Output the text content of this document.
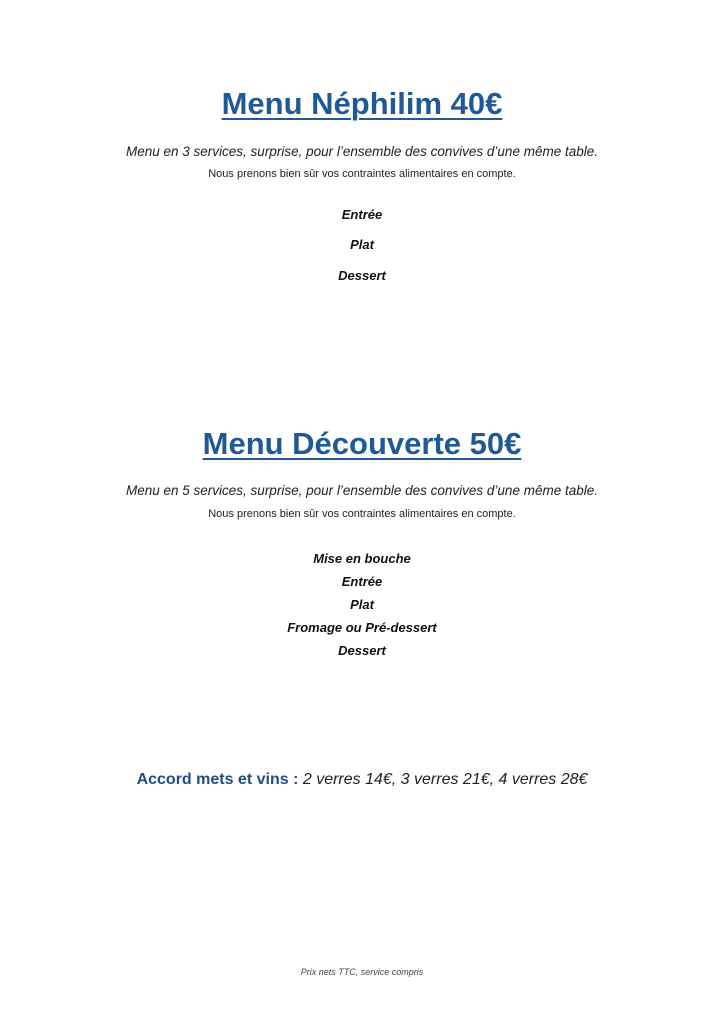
Menu Néphilim 40€
Menu en 3 services, surprise, pour l’ensemble des convives d’une même table.
Nous prenons bien sûr vos contraintes alimentaires en compte.
Entrée
Plat
Dessert
Menu Découverte 50€
Menu en 5 services, surprise, pour l’ensemble des convives d’une même table.
Nous prenons bien sûr vos contraintes alimentaires en compte.
Mise en bouche
Entrée
Plat
Fromage ou Pré-dessert
Dessert
Accord mets et vins : 2 verres 14€, 3 verres 21€, 4 verres 28€
Prix nets TTC, service compris
